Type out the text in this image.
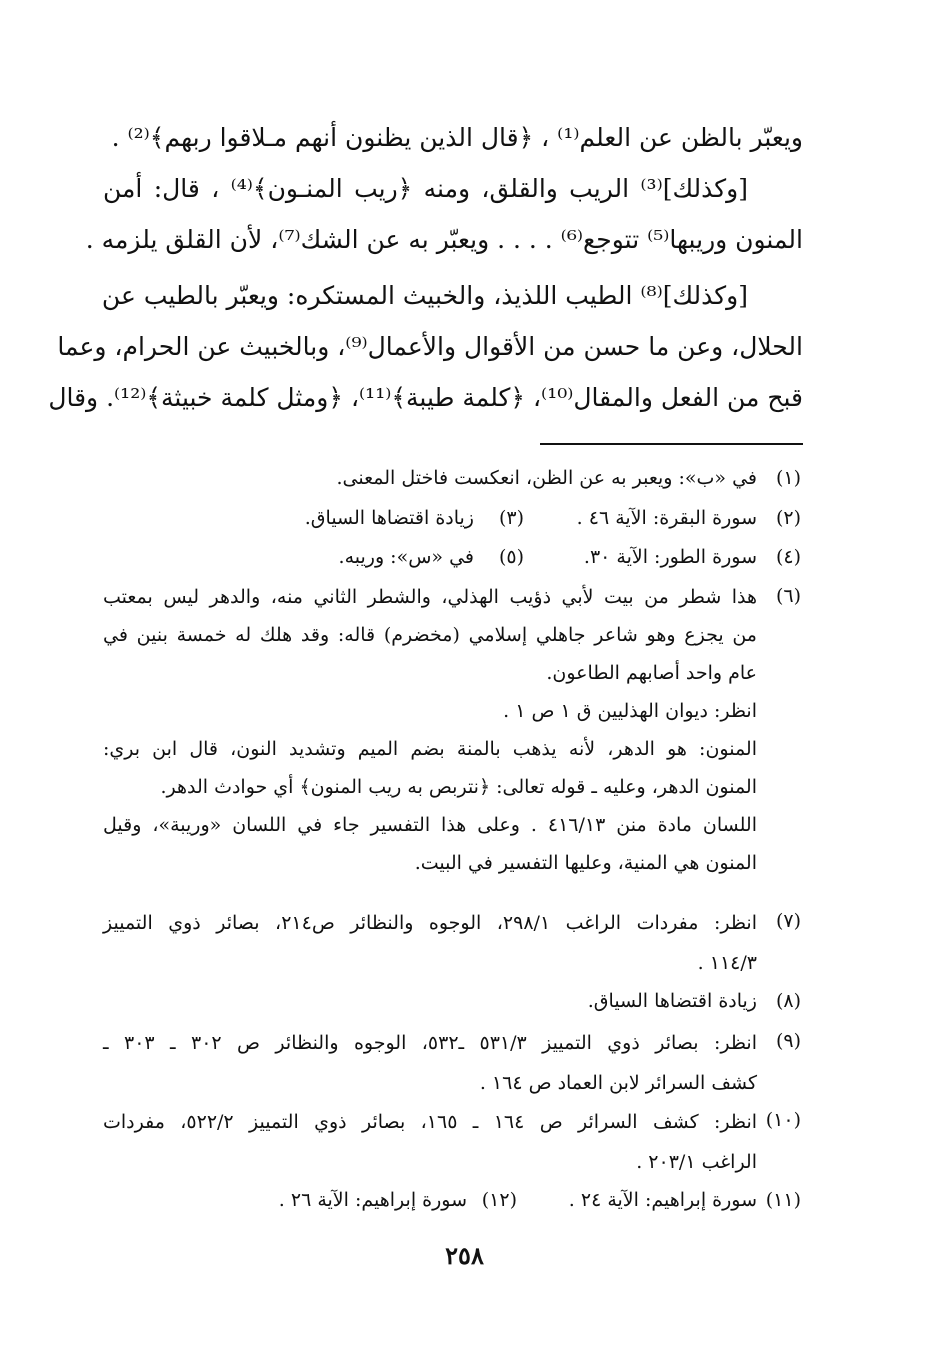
ويعبّر بالظن عن العلم⁽¹⁾ ، ﴿قال الذين يظنون أنهم مـلاقوا ربهم﴾⁽²⁾ .
[وكذلك]⁽³⁾ الريب والقلق، ومنه ﴿ريب المنـون﴾⁽⁴⁾ ، قال: أمن
المنون وريبها⁽⁵⁾ تتوجع⁽⁶⁾ . . . . ويعبّر به عن الشك⁽⁷⁾، لأن القلق يلزمه .
[وكذلك]⁽⁸⁾ الطيب اللذيذ، والخبيث المستكره: ويعبّر بالطيب عن
الحلال، وعن ما حسن من الأقوال والأعمال⁽⁹⁾، وبالخبيث عن الحرام، وعما
قبح من الفعل والمقال⁽¹⁰⁾، ﴿كلمة طيبة﴾⁽¹¹⁾، ﴿ومثل كلمة خبيثة﴾⁽¹²⁾. وقال
(١)
في «ب»: ويعبر به عن الظن، انعكست فاختل المعنى.
(٢)
سورة البقرة: الآية ٤٦ .
(٣)
زيادة اقتضاها السياق.
(٤)
سورة الطور: الآية ٣٠.
(٥)
في «س»: وريبه.
(٦)
هذا شطر من بيت لأبي ذؤيب الهذلي، والشطر الثاني منه، والدهر ليس بمعتب
من يجزع وهو شاعر جاهلي إسلامي (مخضرم) قاله: وقد هلك له خمسة بنين في
عام واحد أصابهم الطاعون.
انظر: ديوان الهذليين ق ١ ص ١ .
المنون: هو الدهر، لأنه يذهب بالمنة بضم الميم وتشديد النون، قال ابن بري:
المنون الدهر، وعليه ـ قوله تعالى: ﴿نتربص به ريب المنون﴾ أي حوادث الدهر.
اللسان مادة منن ٤١٦/١٣ . وعلى هذا التفسير جاء في اللسان «وريبة»، وقيل
المنون هي المنية، وعليها التفسير في البيت.
(٧)
انظر: مفردات الراغب ٢٩٨/١، الوجوه والنظائر ص٢١٤، بصائر ذوي التمييز
١١٤/٣ .
(٨)
زيادة اقتضاها السياق.
(٩)
انظر: بصائر ذوي التمييز ٥٣١/٣ ـ٥٣٢، الوجوه والنظائر ص ٣٠٢ ـ ٣٠٣ ـ
كشف السرائر لابن العماد ص ١٦٤ .
(١٠)
انظر: كشف السرائر ص ١٦٤ ـ ١٦٥، بصائر ذوي التمييز ٥٢٢/٢، مفردات
الراغب ٢٠٣/١ .
(١١)
سورة إبراهيم: الآية ٢٤ .
(١٢)
سورة إبراهيم: الآية ٢٦ .
٢٥٨
